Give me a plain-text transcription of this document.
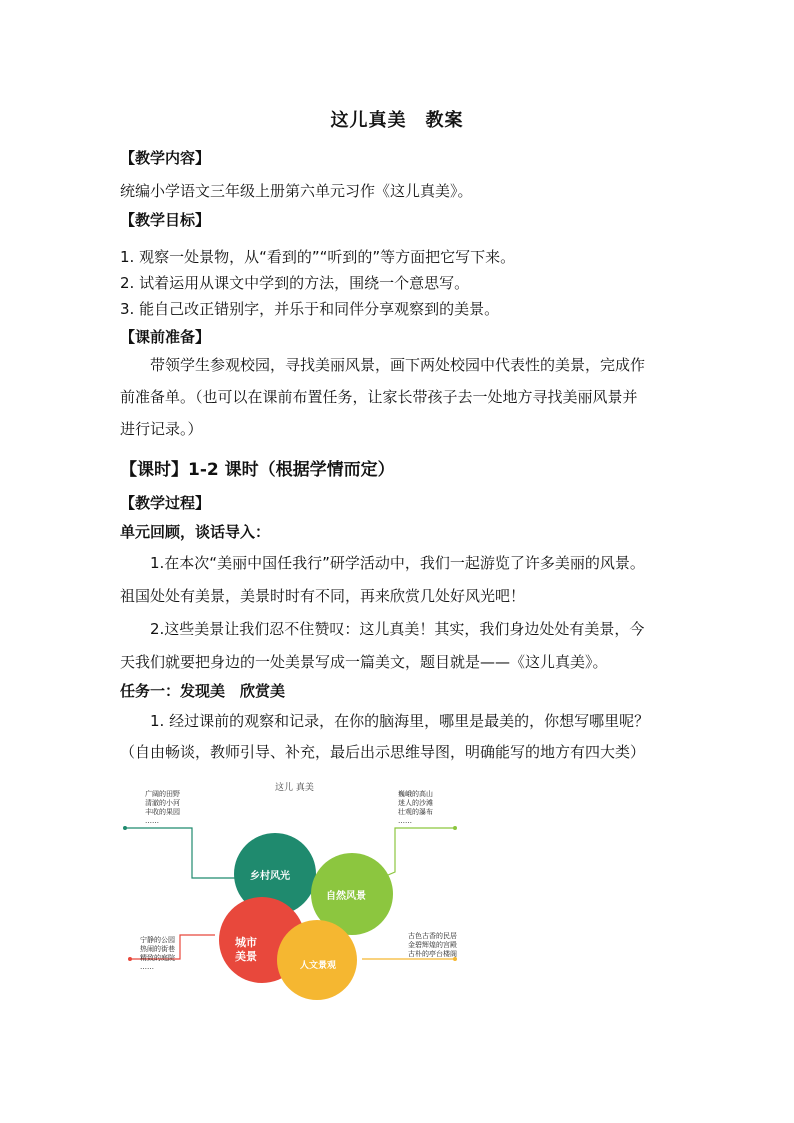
这儿真美　教案
【教学内容】
统编小学语文三年级上册第六单元习作《这儿真美》。
【教学目标】
1. 观察一处景物，从“看到的”“听到的”等方面把它写下来。
2. 试着运用从课文中学到的方法，围绕一个意思写。
3. 能自己改正错别字，并乐于和同伴分享观察到的美景。
【课前准备】
带领学生参观校园，寻找美丽风景，画下两处校园中代表性的美景，完成作
前准备单。（也可以在课前布置任务，让家长带孩子去一处地方寻找美丽风景并
进行记录。）
【课时】1-2 课时（根据学情而定）
【教学过程】
单元回顾，谈话导入：
1.在本次“美丽中国任我行”研学活动中，我们一起游览了许多美丽的风景。
祖国处处有美景，美景时时有不同，再来欣赏几处好风光吧！
2.这些美景让我们忍不住赞叹：这儿真美！其实，我们身边处处有美景，今
天我们就要把身边的一处美景写成一篇美文，题目就是——《这儿真美》。
任务一：发现美　欣赏美
1. 经过课前的观察和记录，在你的脑海里，哪里是最美的，你想写哪里呢？
（自由畅谈，教师引导、补充，最后出示思维导图，明确能写的地方有四大类）
这儿 真美
广阔的田野
清澈的小河
丰收的果园
……
巍峨的高山
迷人的沙滩
壮观的瀑布
……
宁静的公园
热闹的街巷
精致的庭院
……
古色古香的民居
金碧辉煌的宫殿
古朴的亭台楼阁
乡村风光
自然风景
城市美景
人文景观
